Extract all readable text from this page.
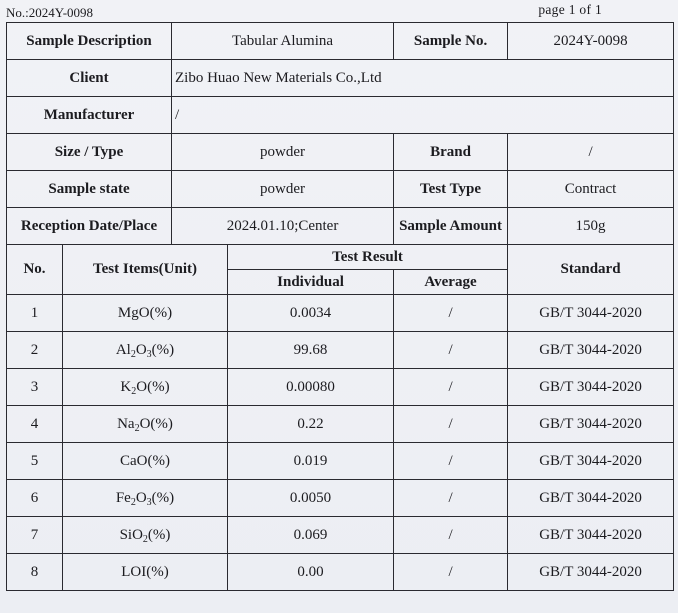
No.:2024Y-0098	page 1 of 1
Sample Description		Tabular Alumina		Sample No.	2024Y-0098
Client		Zibo Huao New Materials Co.,Ltd			
Manufacturer		/			
Size / Type		powder		Brand	/
Sample state		powder		Test Type	Contract
Reception Date/Place		2024.01.10;Center		Sample Amount	150g
No.	Test Items(Unit)		Test Result		Standard
			Individual	Average	
1	MgO(%)		0.0034	/	GB/T 3044-2020
2	$Al_2O_3(\%)$		99.68	/	GB/T 3044-2020
3	$K_2O(\%)$		0.00080	/	GB/T 3044-2020
4	$Na_2O(\%)$		0.22	/	GB/T 3044-2020
5	CaO(%)		0.019	/	GB/T 3044-2020
6	$Fe_2O_3(\%)$		0.0050	/	GB/T 3044-2020
7	SiO$_2$(%)		0.069	/	GB/T 3044-2020
8	LOI(%)		0.00	/	GB/T 3044-2020
